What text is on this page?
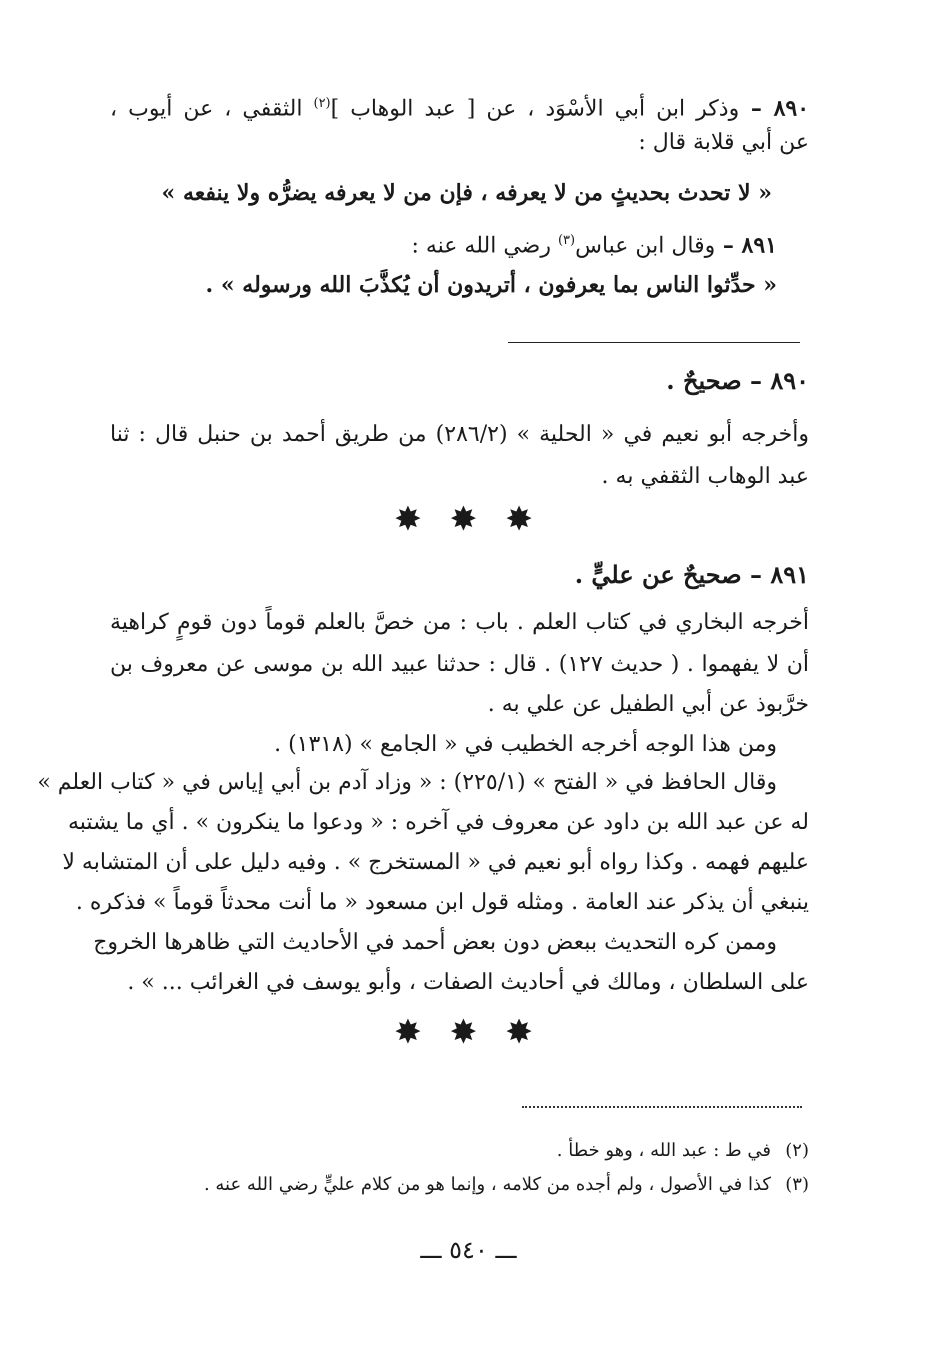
٨٩٠ – وذكر ابن أبي الأسْوَد ، عن [ عبد الوهاب ]$^{(٢)}$ الثقفي ، عن أيوب ،
عن أبي قلابة قال :
« لا تحدث بحديثٍ من لا يعرفه ، فإن من لا يعرفه يضرُّه ولا ينفعه »
٨٩١ – وقال ابن عباس$^{(٣)}$ رضي الله عنه :
« حدِّثوا الناس بما يعرفون ، أتريدون أن يُكذَّبَ الله ورسوله » .
٨٩٠ – صحيحٌ .
وأخرجه أبو نعيم في « الحلية » (٢٨٦/٢) من طريق أحمد بن حنبل قال : ثنا
عبد الوهاب الثقفي به .
✸ ✸ ✸
٨٩١ – صحيحٌ عن عليٍّ .
أخرجه البخاري في كتاب العلم . باب : من خصَّ بالعلم قوماً دون قومٍ كراهية
أن لا يفهموا . ( حديث ١٢٧) . قال : حدثنا عبيد الله بن موسى عن معروف بن
خرَّبوذ عن أبي الطفيل عن علي به .
ومن هذا الوجه أخرجه الخطيب في « الجامع » (١٣١٨) .
وقال الحافظ في « الفتح » (٢٢٥/١) : « وزاد آدم بن أبي إياس في « كتاب العلم »
له عن عبد الله بن داود عن معروف في آخره : « ودعوا ما ينكرون » . أي ما يشتبه
عليهم فهمه . وكذا رواه أبو نعيم في « المستخرج » . وفيه دليل على أن المتشابه لا
ينبغي أن يذكر عند العامة . ومثله قول ابن مسعود « ما أنت محدثاً قوماً » فذكره .
وممن كره التحديث ببعض دون بعض أحمد في الأحاديث التي ظاهرها الخروج
على السلطان ، ومالك في أحاديث الصفات ، وأبو يوسف في الغرائب ... » .
✸ ✸ ✸
(٢)في ط : عبد الله ، وهو خطأ .
(٣)كذا في الأصول ، ولم أجده من كلامه ، وإنما هو من كلام عليٍّ رضي الله عنه .
ـــ ٥٤٠ ـــ
